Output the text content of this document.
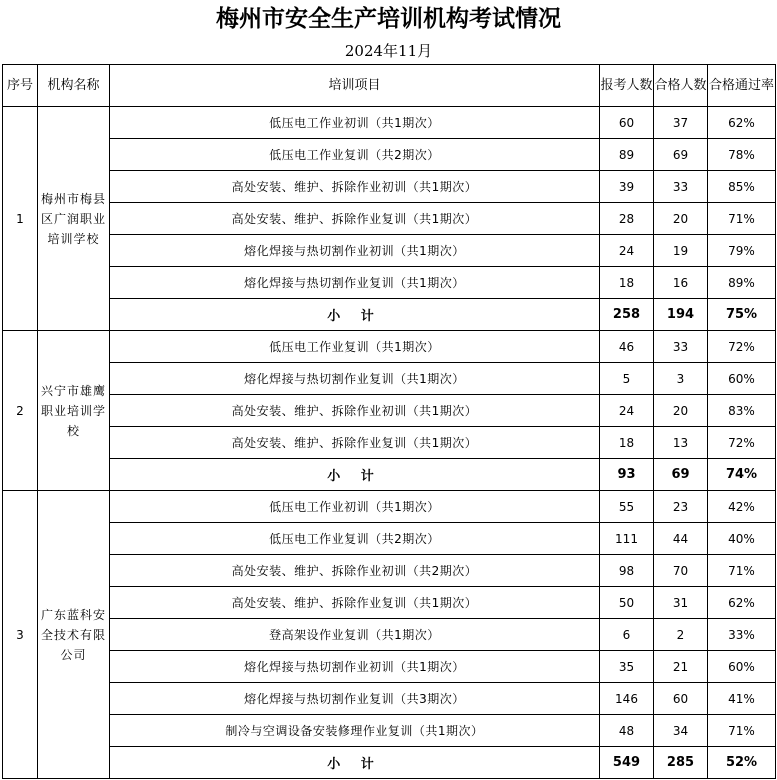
梅州市安全生产培训机构考试情况
2024年11月
序号	机构名称	培训项目	报考人数	合格人数	合格通过率
1	梅州市梅县区广润职业培训学校	低压电工作业初训（共1期次）	60	37	62%
		低压电工作业复训（共2期次）	89	69	78%
		高处安装、维护、拆除作业初训（共1期次）	39	33	85%
		高处安装、维护、拆除作业复训（共1期次）	28	20	71%
		熔化焊接与热切割作业初训（共1期次）	24	19	79%
		熔化焊接与热切割作业复训（共1期次）	18	16	89%
		小 计	258	194	75%
2	兴宁市雄鹰职业培训学校	低压电工作业复训（共1期次）	46	33	72%
		熔化焊接与热切割作业复训（共1期次）	5	3	60%
		高处安装、维护、拆除作业初训（共1期次）	24	20	83%
		高处安装、维护、拆除作业复训（共1期次）	18	13	72%
		小 计	93	69	74%
3	广东蓝科安全技术有限公司	低压电工作业初训（共1期次）	55	23	42%
		低压电工作业复训（共2期次）	111	44	40%
		高处安装、维护、拆除作业初训（共2期次）	98	70	71%
		高处安装、维护、拆除作业复训（共1期次）	50	31	62%
		登高架设作业复训（共1期次）	6	2	33%
		熔化焊接与热切割作业初训（共1期次）	35	21	60%
		熔化焊接与热切割作业复训（共3期次）	146	60	41%
		制冷与空调设备安装修理作业复训（共1期次）	48	34	71%
		小 计	549	285	52%
